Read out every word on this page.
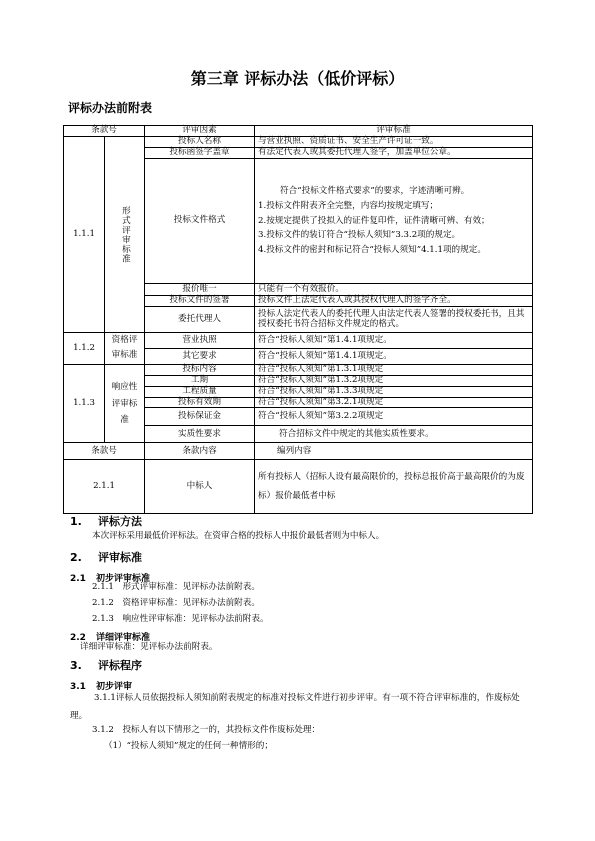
第三章 评标办法（低价评标）
评标办法前附表
条款号		评审因素	评审标准
1.1.1	形式评审标准	投标人名称	与营业执照、资质证书、安全生产许可证一致。
		投标函签字盖章	有法定代表人或其委托代理人签字，加盖单位公章。
		投标文件格式	符合“投标文件格式要求”的要求，字迹清晰可辨。

1.投标文件附表齐全完整，内容均按规定填写；

2.按规定提供了投拟入的证件复印件，证件清晰可辨、有效；

3.投标文件的装订符合“投标人须知”3.3.2项的规定。

4.投标文件的密封和标记符合“投标人须知”4.1.1项的规定。

		报价唯一	只能有一个有效报价。
		投标文件的签署	投标文件上法定代表人或其授权代理人的签字齐全。
		委托代理人	投标人法定代表人的委托代理人由法定代表人签署的授权委托书，且其授权委托书符合招标文件规定的格式。
1.1.2	资格评审标准	营业执照	符合“投标人须知”第1.4.1项规定。
		其它要求	符合“投标人须知”第1.4.1项规定。
1.1.3	响应性评审标准	投标内容	符合“投标人须知”第1.3.1项规定
		工期	符合“投标人须知”第1.3.2项规定
		工程质量	符合“投标人须知”第1.3.3项规定
		投标有效期	符合“投标人须知”第3.2.1项规定
		投标保证金	符合“投标人须知”第3.2.2项规定
		实质性要求	符合招标文件中规定的其他实质性要求。
条款号		条款内容	编列内容
2.1.1		中标人	所有投标人（招标人设有最高限价的，投标总报价高于最高限价的为废标）报价最低者中标
1. 评标方法
本次评标采用最低价评标法。在资审合格的投标人中报价最低者则为中标人。
2. 评审标准
2.1 初步评审标准
2.1.1　形式评审标准：见评标办法前附表。
2.1.2　资格评审标准：见评标办法前附表。
2.1.3　响应性评审标准：见评标办法前附表。
2.2 详细评审标准
详细评审标准：见评标办法前附表。
3. 评标程序
3.1 初步评审
3.1.1评标人员依据投标人须知前附表规定的标准对投标文件进行初步评审。有一项不符合评审标准的，作废标处理。
3.1.2　投标人有以下情形之一的，其投标文件作废标处理：
（1）“投标人须知”规定的任何一种情形的；
